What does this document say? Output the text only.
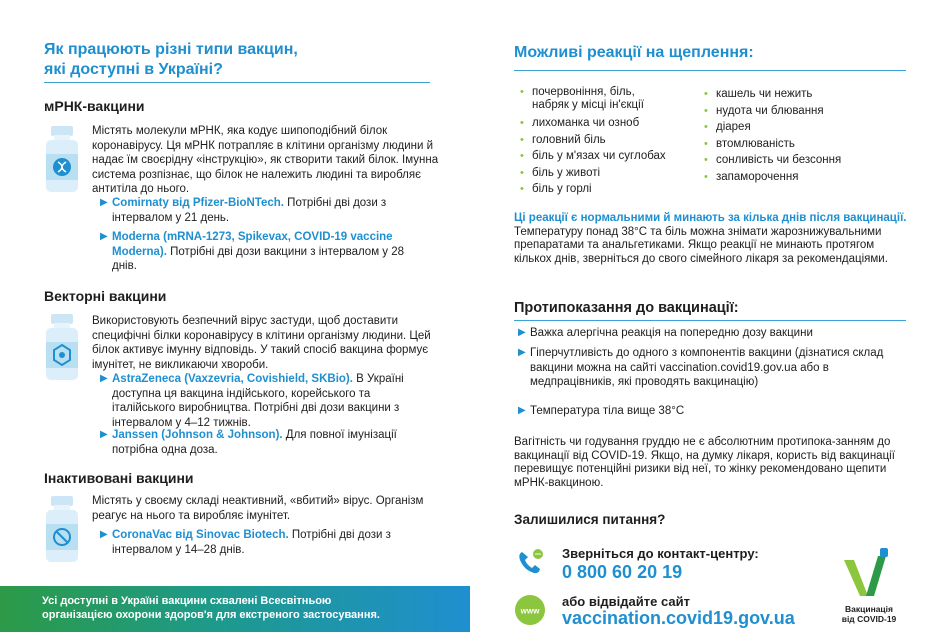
Як працюють різні типи вакцин,
які доступні в Україні?
мРНК-вакцини
Містять молекули мРНК, яка кодує шипоподібний білок коронавірусу. Ця мРНК потрапляє в клітини організму людини й надає їм своєрідну «інструкцію», як створити такий білок. Імунна система розпізнає, що білок не належить людині та виробляє антитіла до нього.
▶ Comirnaty від Pfizer-BioNTech. Потрібні дві дози з інтервалом у 21 день.
▶ Moderna (mRNA-1273, Spikevax, COVID-19 vaccine Moderna). Потрібні дві дози вакцини з інтервалом у 28 днів.
Векторні вакцини
Використовують безпечний вірус застуди, щоб доставити специфічні білки коронавірусу в клітини організму людини. Цей білок активує імунну відповідь. У такий спосіб вакцина формує імунітет, не викликаючи хвороби.
▶ AstraZeneca (Vaxzevria, Covishield, SKBio). В Україні доступна ця вакцина індійського, корейського та італійського виробництва. Потрібні дві дози вакцини з інтервалом у 4–12 тижнів.
▶ Janssen (Johnson & Johnson). Для повної імунізації потрібна одна доза.
Інактивовані вакцини
Містять у своєму складі неактивний, «вбитий» вірус. Організм реагує на нього та виробляє імунітет.
▶ CoronaVac від Sinovac Biotech. Потрібні дві дози з інтервалом у 14–28 днів.
Усі доступні в Україні вакцини схвалені Всесвітньою
організацією охорони здоров'я для екстреного застосування.
Можливі реакції на щеплення:
• почервоніння, біль,
набряк у місці ін'єкції
• лихоманка чи озноб
• головний біль
• біль у м'язах чи суглобах
• біль у животі
• біль у горлі
• кашель чи нежить
• нудота чи блювання
• діарея
• втомлюваність
• сонливість чи безсоння
• запаморочення
Ці реакції є нормальними й минають за кілька днів після вакцинації. Температуру понад 38°С та біль можна знімати жарознижувальними препаратами та анальгетиками. Якщо реакції не минають протягом кількох днів, зверніться до свого сімейного лікаря за рекомендаціями.
Протипоказання до вакцинації:
▶ Важка алергічна реакція на попередню дозу вакцини
▶ Гіперчутливість до одного з компонентів вакцини (дізнатися склад вакцини можна на сайті vaccination.covid19.gov.ua або в медпрацівників, які проводять вакцинацію)
▶ Температура тіла вище 38°С
Вагітність чи годування груддю не є абсолютним протипока-занням до вакцинації від COVID-19. Якщо, на думку лікаря, користь від вакцинації перевищує потенційні ризики від неї, то жінку рекомендовано щепити мРНК-вакциною.
Залишилися питання?
Зверніться до контакт-центру:
0 800 60 20 19
www
або відвідайте сайт
vaccination.covid19.gov.ua	Вакцинація
від COVID-19
